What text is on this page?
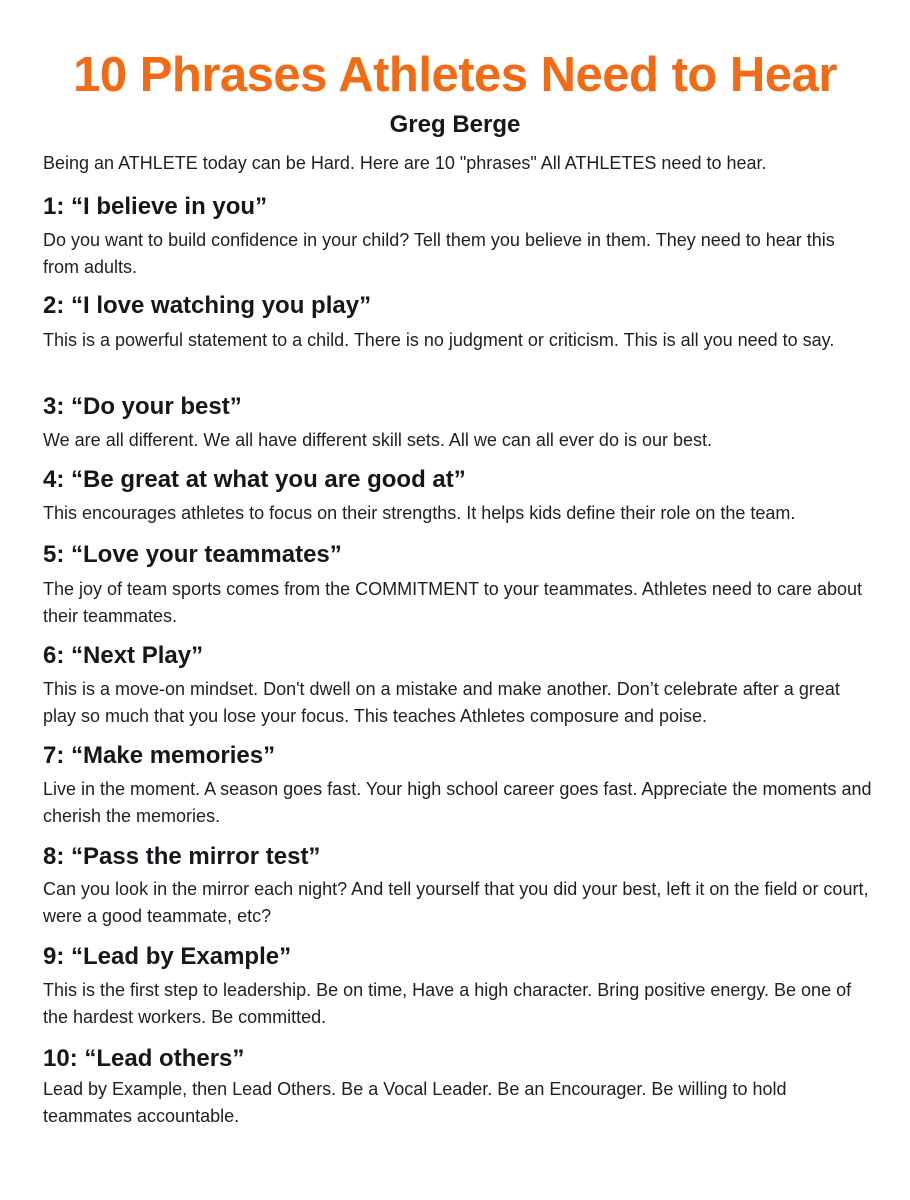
10 Phrases Athletes Need to Hear
Greg Berge

Being an ATHLETE today can be Hard. Here are 10 "phrases" All ATHLETES need to hear.

1: “I believe in you”

Do you want to build confidence in your child? Tell them you believe in them. They need to hear this from adults.

2: “I love watching you play”

This is a powerful statement to a child. There is no judgment or criticism. This is all you need to say.

3: “Do your best”

We are all different. We all have different skill sets. All we can all ever do is our best.

4: “Be great at what you are good at”

This encourages athletes to focus on their strengths. It helps kids define their role on the team.

5: “Love your teammates”

The joy of team sports comes from the COMMITMENT to your teammates. Athletes need to care about their teammates.

6: “Next Play”

This is a move-on mindset. Don't dwell on a mistake and make another. Don’t celebrate after a great play so much that you lose your focus. This teaches Athletes composure and poise.

7: “Make memories”

Live in the moment. A season goes fast. Your high school career goes fast. Appreciate the moments and cherish the memories.

8: “Pass the mirror test”

Can you look in the mirror each night? And tell yourself that you did your best, left it on the field or court, were a good teammate, etc?

9: “Lead by Example”

This is the first step to leadership. Be on time, Have a high character. Bring positive energy. Be one of the hardest workers. Be committed.

10: “Lead others”

Lead by Example, then Lead Others. Be a Vocal Leader. Be an Encourager. Be willing to hold teammates accountable.
